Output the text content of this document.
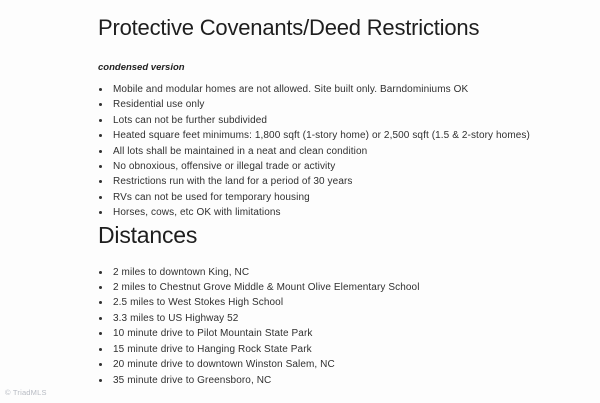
Protective Covenants/Deed Restrictions
condensed version
• Mobile and modular homes are not allowed. Site built only. Barndominiums OK
• Residential use only
• Lots can not be further subdivided
• Heated square feet minimums: 1,800 sqft (1-story home) or 2,500 sqft (1.5 & 2-story homes)
• All lots shall be maintained in a neat and clean condition
• No obnoxious, offensive or illegal trade or activity
• Restrictions run with the land for a period of 30 years
• RVs can not be used for temporary housing
• Horses, cows, etc OK with limitations
Distances
• 2 miles to downtown King, NC
• 2 miles to Chestnut Grove Middle & Mount Olive Elementary School
• 2.5 miles to West Stokes High School
• 3.3 miles to US Highway 52
• 10 minute drive to Pilot Mountain State Park
• 15 minute drive to Hanging Rock State Park
• 20 minute drive to downtown Winston Salem, NC
• 35 minute drive to Greensboro, NC
© TriadMLS
